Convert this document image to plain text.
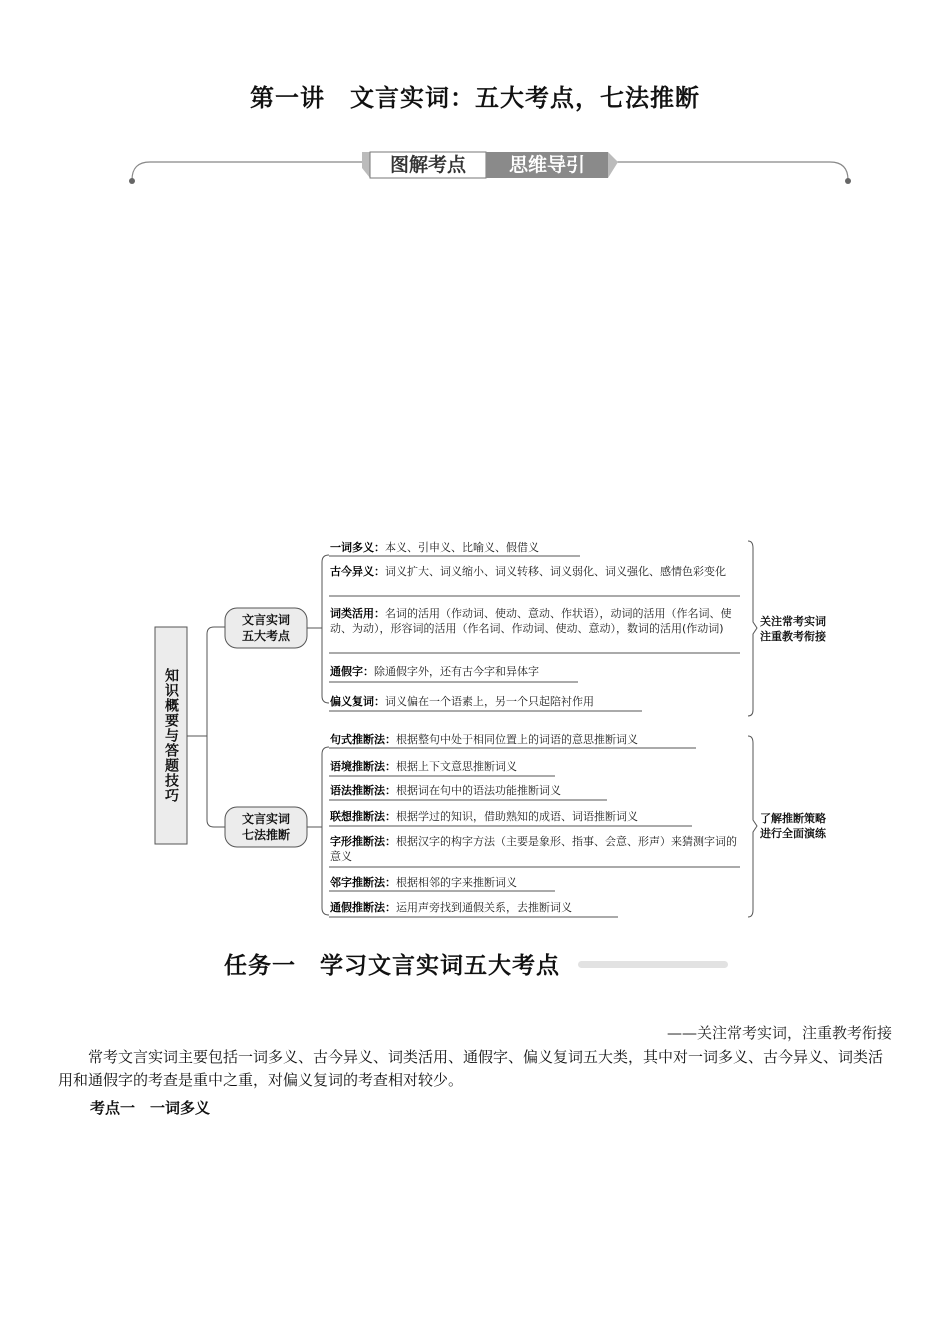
第一讲　文言实词：五大考点，七法推断
图解考点	思维导引
知识概要与答题技巧
文言实词
五大考点
文言实词
七法推断
一词多义：本义、引申义、比喻义、假借义
古今异义：词义扩大、词义缩小、词义转移、词义弱化、词义强化、感情色彩变化
词类活用：名词的活用（作动词、使动、意动、作状语），动词的活用（作名词、使动、为动），形容词的活用（作名词、作动词、使动、意动），数词的活用(作动词)
通假字：除通假字外，还有古今字和异体字
偏义复词：词义偏在一个语素上，另一个只起陪衬作用
句式推断法：根据整句中处于相同位置上的词语的意思推断词义
语境推断法：根据上下文意思推断词义
语法推断法：根据词在句中的语法功能推断词义
联想推断法：根据学过的知识，借助熟知的成语、词语推断词义
字形推断法：根据汉字的构字方法（主要是象形、指事、会意、形声）来猜测字词的意义
邻字推断法：根据相邻的字来推断词义
通假推断法：运用声旁找到通假关系，去推断词义
关注常考实词
注重教考衔接
了解推断策略
进行全面演练
任务一　学习文言实词五大考点
——关注常考实词，注重教考衔接
常考文言实词主要包括一词多义、古今异义、词类活用、通假字、偏义复词五大类，其中对一词多义、古今异义、词类活用和通假字的考查是重中之重，对偏义复词的考查相对较少。
考点一　一词多义
